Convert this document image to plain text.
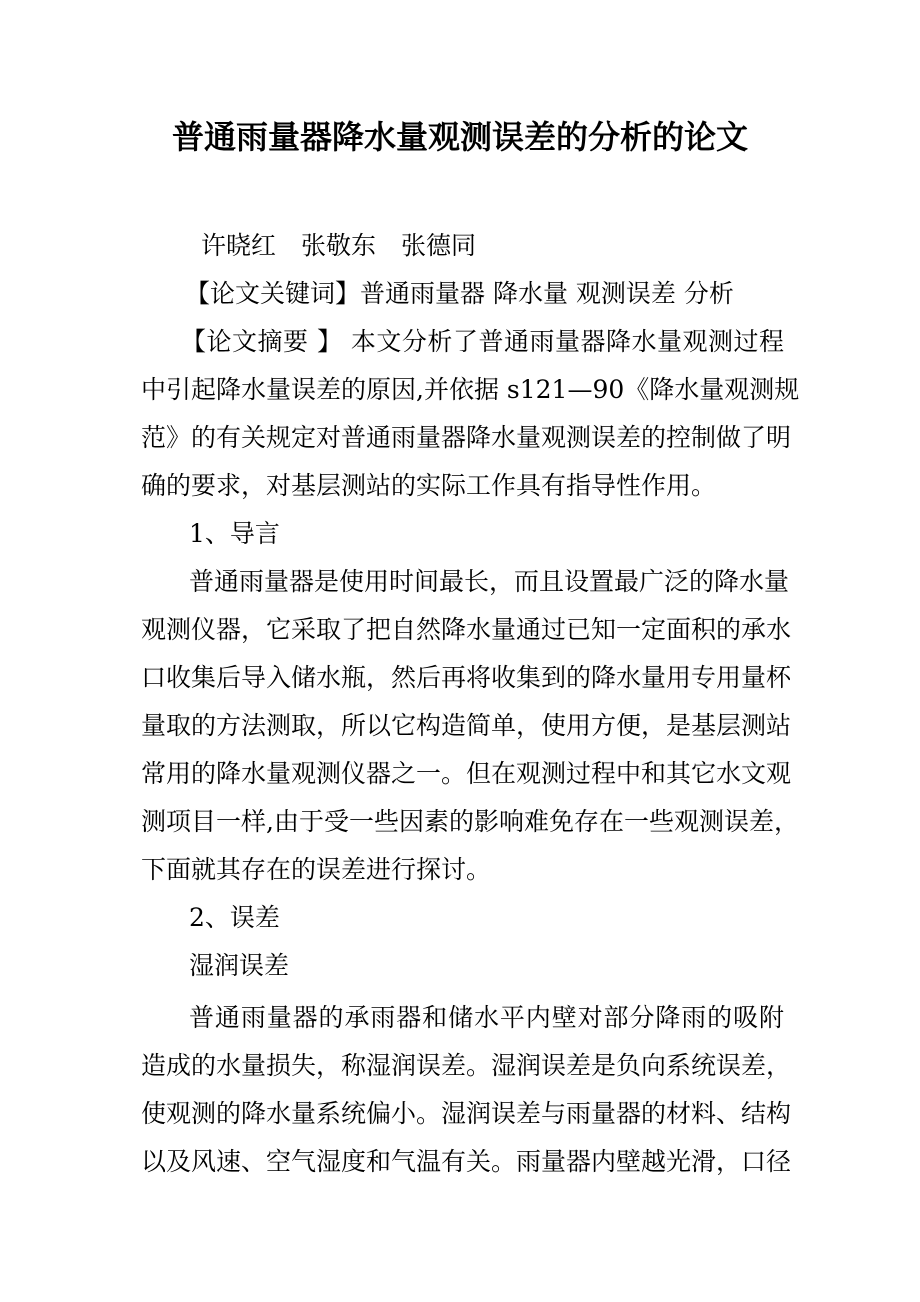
普通雨量器降水量观测误差的分析的论文
许晓红　张敬东　张德同
【论文关键词】普通雨量器 降水量 观测误差 分析
【论文摘要 】 本文分析了普通雨量器降水量观测过程
中引起降水量误差的原因,并依据 s121—90《降水量观测规
范》的有关规定对普通雨量器降水量观测误差的控制做了明
确的要求，对基层测站的实际工作具有指导性作用。
1、导言
普通雨量器是使用时间最长，而且设置最广泛的降水量
观测仪器，它采取了把自然降水量通过已知一定面积的承水
口收集后导入储水瓶，然后再将收集到的降水量用专用量杯
量取的方法测取，所以它构造简单，使用方便，是基层测站
常用的降水量观测仪器之一。但在观测过程中和其它水文观
测项目一样,由于受一些因素的影响难免存在一些观测误差，
下面就其存在的误差进行探讨。
2、误差
湿润误差
普通雨量器的承雨器和储水平内壁对部分降雨的吸附
造成的水量损失，称湿润误差。湿润误差是负向系统误差，
使观测的降水量系统偏小。湿润误差与雨量器的材料、结构
以及风速、空气湿度和气温有关。雨量器内壁越光滑，口径
